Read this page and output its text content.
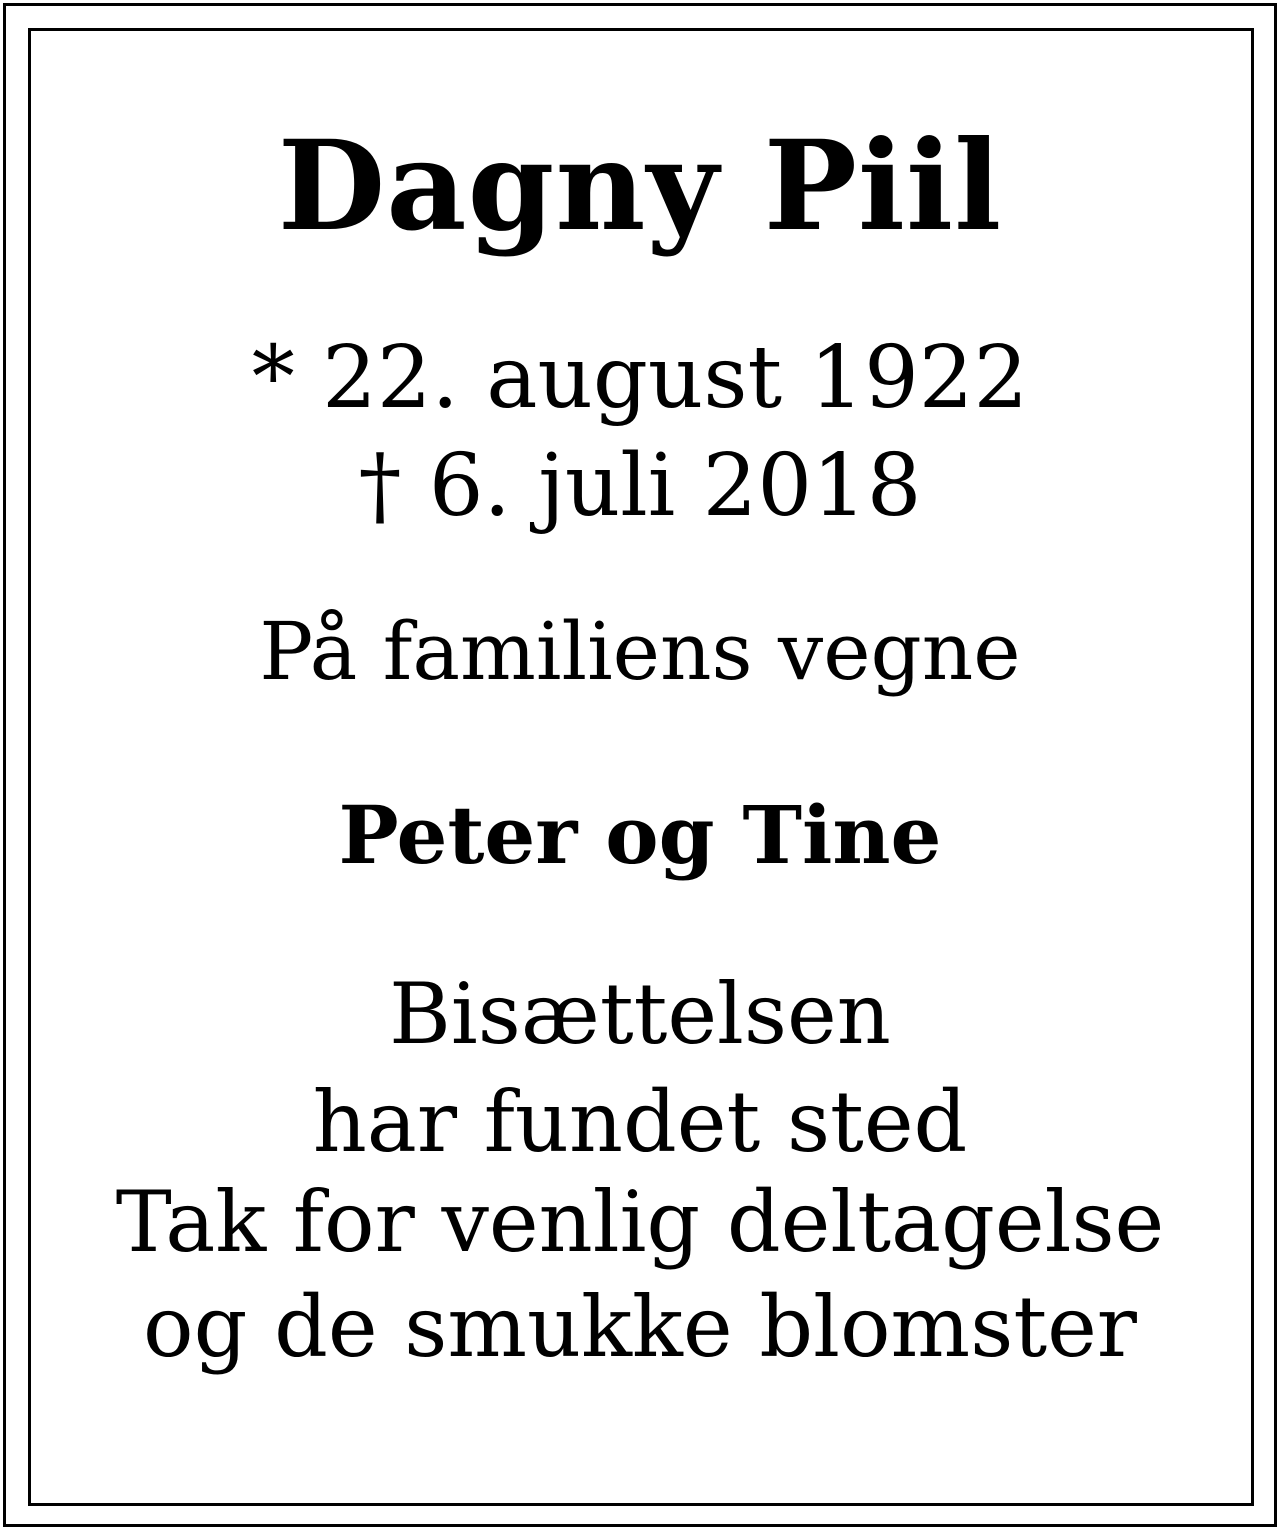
Dagny Piil
* 22. august 1922
† 6. juli 2018
På familiens vegne
Peter og Tine
Bisættelsen
har fundet sted
Tak for venlig deltagelse
og de smukke blomster
